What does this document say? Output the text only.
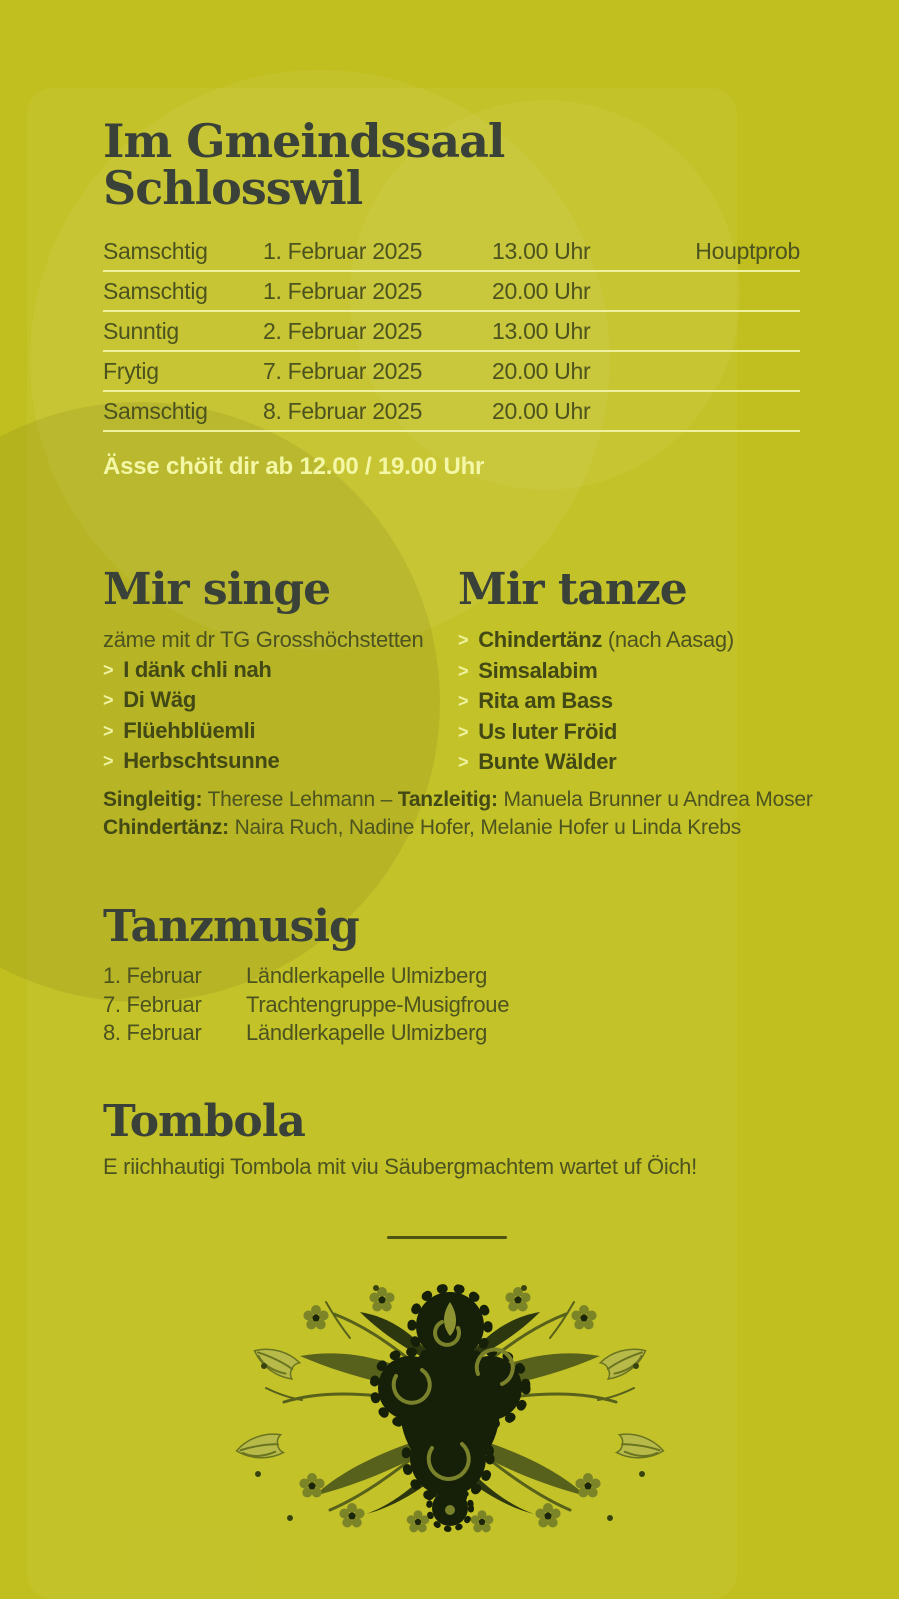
Im Gmeindssaal
Schlosswil
Samschtig	1. Februar 2025	13.00 Uhr	Houptprob
Samschtig	1. Februar 2025	20.00 Uhr
Sunntig	2. Februar 2025	13.00 Uhr
Frytig	7. Februar 2025	20.00 Uhr
Samschtig	8. Februar 2025	20.00 Uhr
Ässe chöit dir ab 12.00 / 19.00 Uhr
Mir singe
zäme mit dr TG Grosshöchstetten
> I dänk chli nah
> Di Wäg
> Flüehblüemli
> Herbschtsunne
Mir tanze
> Chindertänz (nach Aasag)
> Simsalabim
> Rita am Bass
> Us luter Fröid
> Bunte Wälder
Singleitig: Therese Lehmann – Tanzleitig: Manuela Brunner u Andrea Moser
Chindertänz: Naira Ruch, Nadine Hofer, Melanie Hofer u Linda Krebs
Tanzmusig
1. Februar	Ländlerkapelle Ulmizberg
7. Februar	Trachtengruppe-Musigfroue
8. Februar	Ländlerkapelle Ulmizberg
Tombola
E riichhautigi Tombola mit viu Säubergmachtem wartet uf Öich!
